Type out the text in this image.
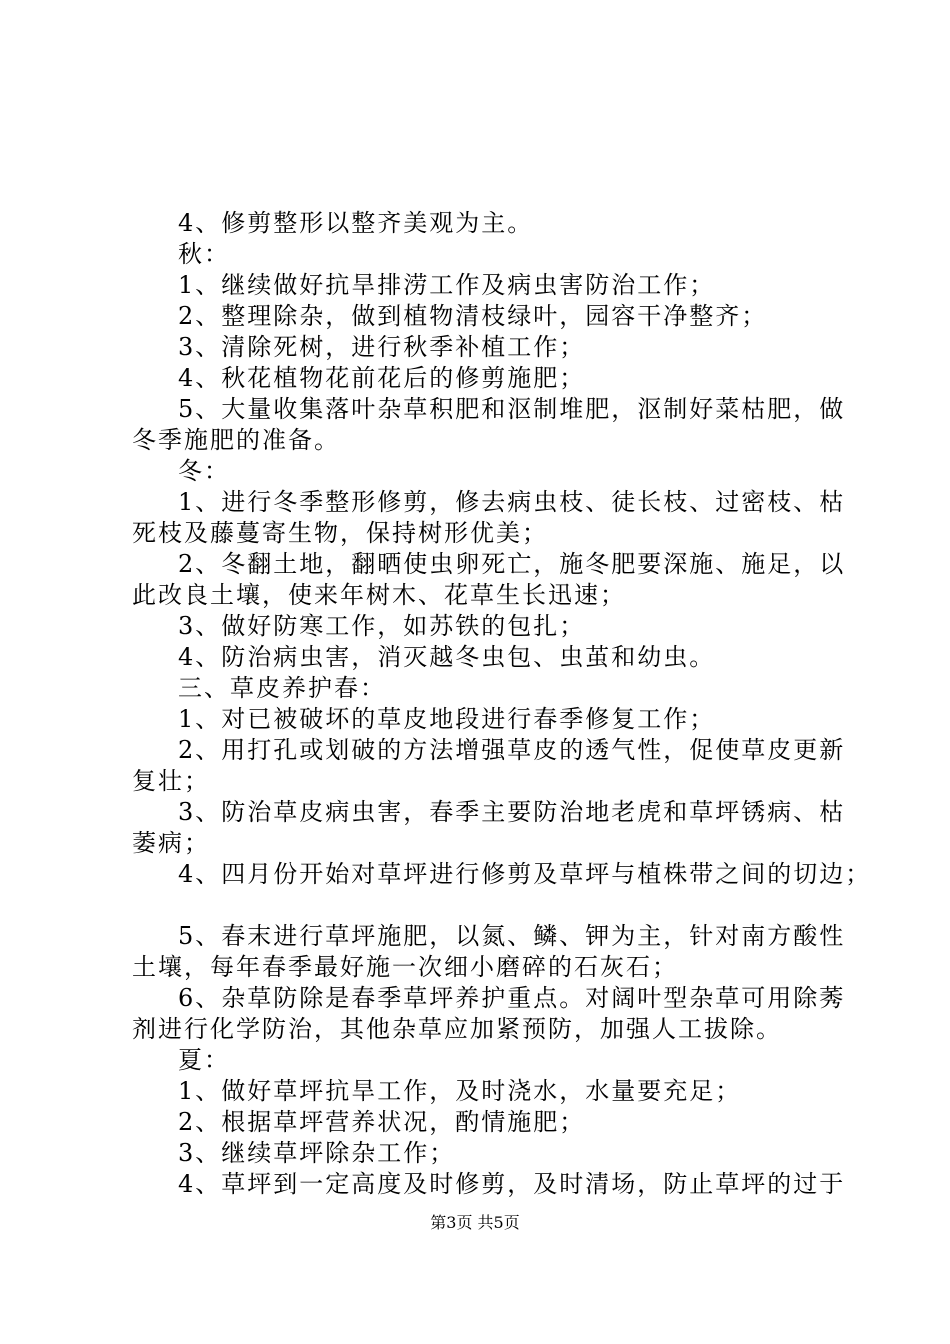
4、修剪整形以整齐美观为主。
秋：
1、继续做好抗旱排涝工作及病虫害防治工作；
2、整理除杂，做到植物清枝绿叶，园容干净整齐；
3、清除死树，进行秋季补植工作；
4、秋花植物花前花后的修剪施肥；
5、大量收集落叶杂草积肥和沤制堆肥，沤制好菜枯肥，做
冬季施肥的准备。
冬：
1、进行冬季整形修剪，修去病虫枝、徒长枝、过密枝、枯
死枝及藤蔓寄生物，保持树形优美；
2、冬翻土地，翻晒使虫卵死亡，施冬肥要深施、施足，以
此改良土壤，使来年树木、花草生长迅速；
3、做好防寒工作，如苏铁的包扎；
4、防治病虫害，消灭越冬虫包、虫茧和幼虫。
三、草皮养护春：
1、对已被破坏的草皮地段进行春季修复工作；
2、用打孔或划破的方法增强草皮的透气性，促使草皮更新
复壮；
3、防治草皮病虫害，春季主要防治地老虎和草坪锈病、枯
萎病；
4、四月份开始对草坪进行修剪及草坪与植株带之间的切边；
5、春末进行草坪施肥，以氮、鳞、钾为主，针对南方酸性
土壤，每年春季最好施一次细小磨碎的石灰石；
6、杂草防除是春季草坪养护重点。对阔叶型杂草可用除莠
剂进行化学防治，其他杂草应加紧预防，加强人工拔除。
夏：
1、做好草坪抗旱工作，及时浇水，水量要充足；
2、根据草坪营养状况，酌情施肥；
3、继续草坪除杂工作；
4、草坪到一定高度及时修剪，及时清场，防止草坪的过于
第3页 共5页
